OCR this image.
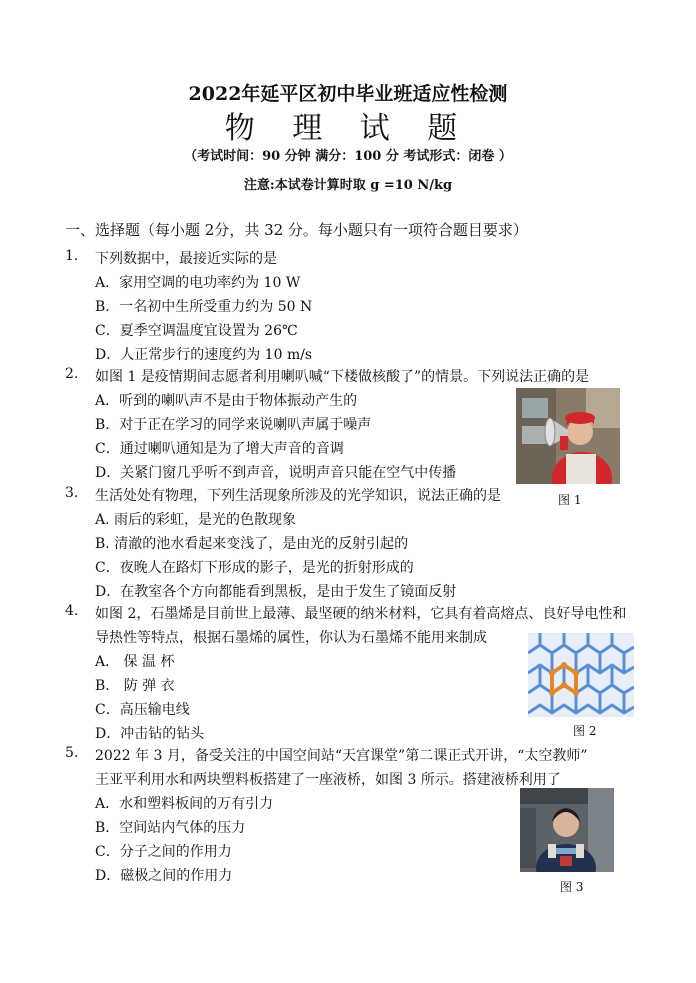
2022年延平区初中毕业班适应性检测
物 理 试 题
（考试时间：90 分钟 满分：100 分 考试形式：闭卷 ）
注意:本试卷计算时取 g =10 N/kg
一、选择题（每小题 2分，共 32 分。每小题只有一项符合题目要求）
1. 下列数据中，最接近实际的是
A．家用空调的电功率约为 10 W
B．一名初中生所受重力约为 50 N
C．夏季空调温度宜设置为 26℃
D．人正常步行的速度约为 10 m/s
2. 如图 1 是疫情期间志愿者利用喇叭喊“下楼做核酸了”的情景。下列说法正确的是
A．听到的喇叭声不是由于物体振动产生的
B．对于正在学习的同学来说喇叭声属于噪声
C．通过喇叭通知是为了增大声音的音调
D．关紧门窗几乎听不到声音，说明声音只能在空气中传播
图 1
3. 生活处处有物理，下列生活现象所涉及的光学知识，说法正确的是
A. 雨后的彩虹，是光的色散现象
B. 清澈的池水看起来变浅了，是由光的反射引起的
C．夜晚人在路灯下形成的影子，是光的折射形成的
D．在教室各个方向都能看到黑板，是由于发生了镜面反射
4. 如图 2，石墨烯是目前世上最薄、最坚硬的纳米材料，它具有着高熔点、良好导电性和
导热性等特点，根据石墨烯的属性，你认为石墨烯不能用来制成
A． 保 温 杯
B． 防 弹 衣
C．高压输电线
D．冲击钻的钻头	图 2
5. 2022 年 3 月，备受关注的中国空间站“天宫课堂”第二课正式开讲，“太空教师”
王亚平利用水和两块塑料板搭建了一座液桥，如图 3 所示。搭建液桥利用了
A．水和塑料板间的万有引力
B．空间站内气体的压力
C．分子之间的作用力
D．磁极之间的作用力
图 3
